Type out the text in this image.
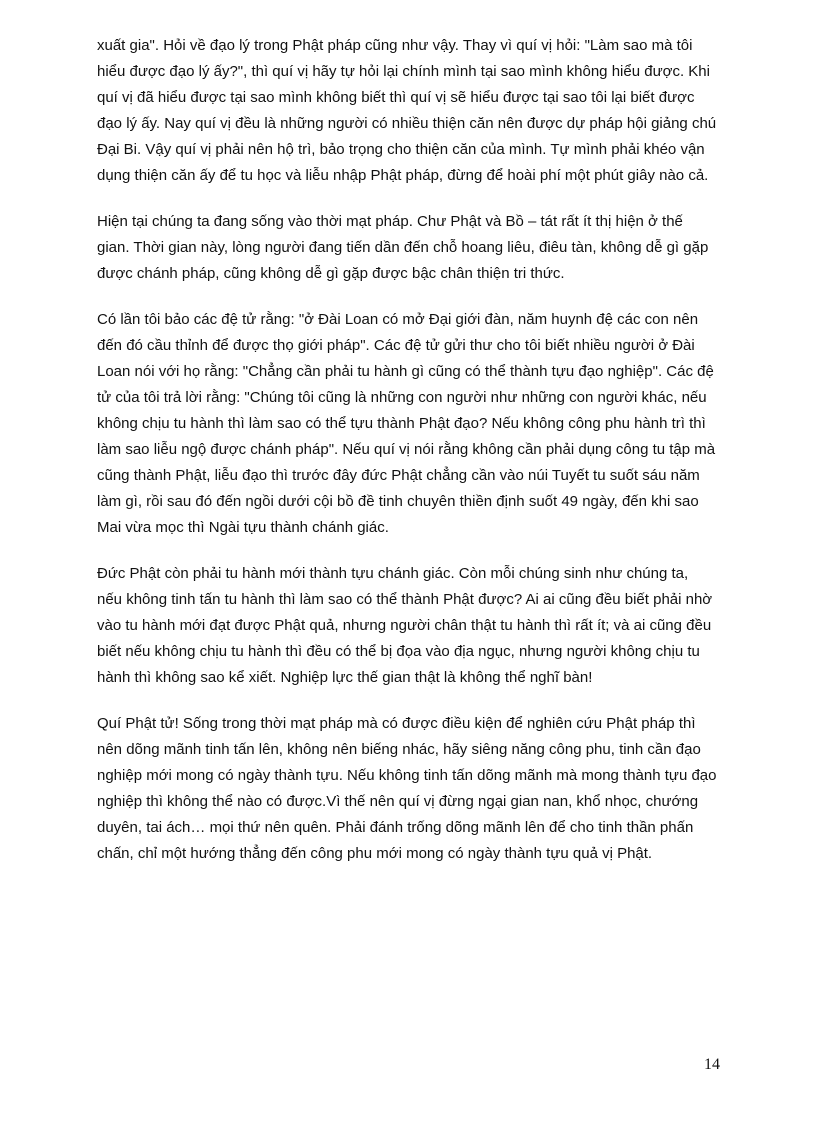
xuất gia". Hỏi về đạo lý trong Phật pháp cũng như vậy. Thay vì quí vị hỏi: "Làm sao mà tôi hiểu được đạo lý ấy?", thì quí vị hãy tự hỏi lại chính mình tại sao mình không hiểu được. Khi quí vị đã hiểu được tại sao mình không biết thì quí vị sẽ hiểu được tại sao tôi lại biết được đạo lý ấy. Nay quí vị đều là những người có nhiều thiện căn nên được dự pháp hội giảng chú Đại Bi. Vậy quí vị phải nên hộ trì, bảo trọng cho thiện căn của mình. Tự mình phải khéo vận dụng thiện căn ấy để tu học và liễu nhập Phật pháp, đừng để hoài phí một phút giây nào cả.

Hiện tại chúng ta đang sống vào thời mạt pháp. Chư Phật và Bồ – tát rất ít thị hiện ở thế gian. Thời gian này, lòng người đang tiến dần đến chỗ hoang liêu, điêu tàn, không dễ gì gặp được chánh pháp, cũng không dễ gì gặp được bậc chân thiện tri thức.

Có lần tôi bảo các đệ tử rằng: "ở Đài Loan có mở Đại giới đàn, năm huynh đệ các con nên đến đó cầu thỉnh để được thọ giới pháp". Các đệ tử gửi thư cho tôi biết nhiều người ở Đài Loan nói với họ rằng: "Chẳng cần phải tu hành gì cũng có thể thành tựu đạo nghiệp". Các đệ tử của tôi trả lời rằng: "Chúng tôi cũng là những con người như những con người khác, nếu không chịu tu hành thì làm sao có thể tựu thành Phật đạo? Nếu không công phu hành trì thì làm sao liễu ngộ được chánh pháp". Nếu quí vị nói rằng không cần phải dụng công tu tập mà cũng thành Phật, liễu đạo thì trước đây đức Phật chẳng cần vào núi Tuyết tu suốt sáu năm làm gì, rồi sau đó đến ngồi dưới cội bồ đề tinh chuyên thiền định suốt 49 ngày, đến khi sao Mai vừa mọc thì Ngài tựu thành chánh giác.

Đức Phật còn phải tu hành mới thành tựu chánh giác. Còn mỗi chúng sinh như chúng ta, nếu không tinh tấn tu hành thì làm sao có thể thành Phật được? Ai ai cũng đều biết phải nhờ vào tu hành mới đạt được Phật quả, nhưng người chân thật tu hành thì rất ít; và ai cũng đều biết nếu không chịu tu hành thì đều có thể bị đọa vào địa ngục, nhưng người không chịu tu hành thì không sao kể xiết. Nghiệp lực thế gian thật là không thể nghĩ bàn!

Quí Phật tử! Sống trong thời mạt pháp mà có được điều kiện để nghiên cứu Phật pháp thì nên dõng mãnh tinh tấn lên, không nên biếng nhác, hãy siêng năng công phu, tinh cần đạo nghiệp mới mong có ngày thành tựu. Nếu không tinh tấn dõng mãnh mà mong thành tựu đạo nghiệp thì không thể nào có được.Vì thế nên quí vị đừng ngại gian nan, khổ nhọc, chướng duyên, tai ách… mọi thứ nên quên. Phải đánh trống dõng mãnh lên để cho tinh thần phấn chấn, chỉ một hướng thẳng đến công phu mới mong có ngày thành tựu quả vị Phật.

14
